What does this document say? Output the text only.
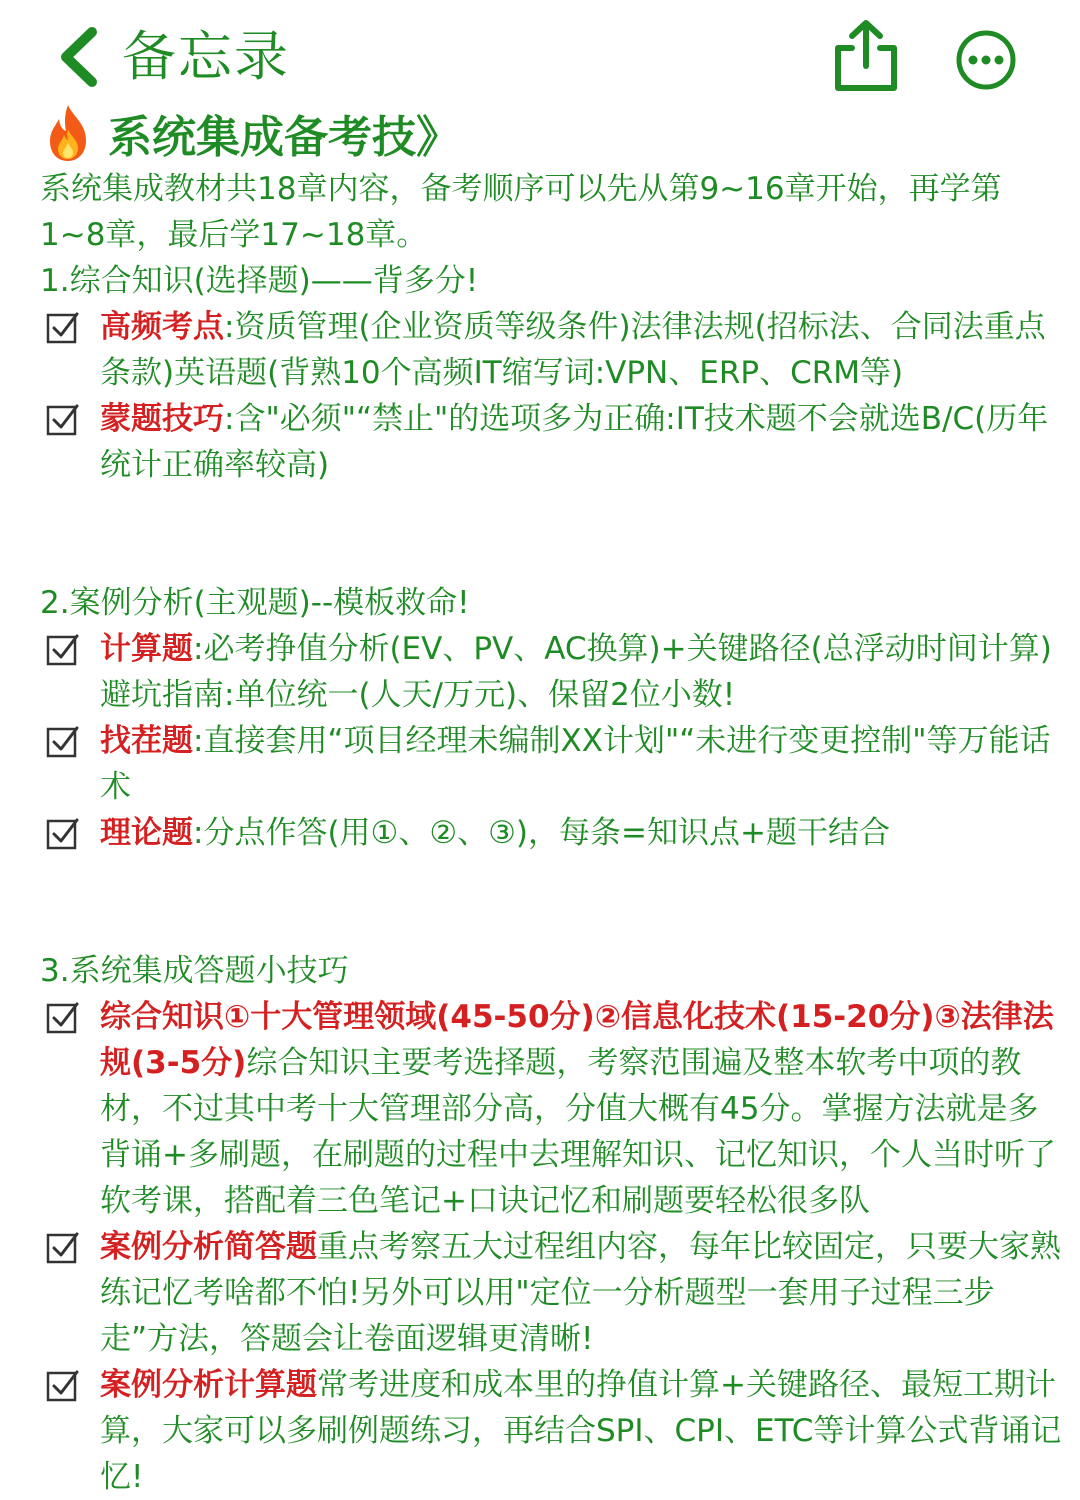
备忘录
系统集成备考技》

系统集成教材共18章内容，备考顺序可以先从第9~16章开始，再学第1~8章，最后学17~18章。

1.综合知识(选择题)——背多分!

高频考点:资质管理(企业资质等级条件)法律法规(招标法、合同法重点条款)英语题(背熟10个高频IT缩写词:VPN、ERP、CRM等)
蒙题技巧:含"必须"“禁止"的选项多为正确:IT技术题不会就选B/C(历年统计正确率较高)

2.案例分析(主观题)--模板救命!

计算题:必考挣值分析(EV、PV、AC换算)+关键路径(总浮动时间计算)避坑指南:单位统一(人天/万元)、保留2位小数!
找茬题:直接套用“项目经理未编制XX计划"“未进行变更控制"等万能话术
理论题:分点作答(用①、②、③)，每条=知识点+题干结合

3.系统集成答题小技巧

综合知识①十大管理领域(45-50分)②信息化技术(15-20分)③法律法规(3-5分)综合知识主要考选择题，考察范围遍及整本软考中项的教材，不过其中考十大管理部分高，分值大概有45分。掌握方法就是多背诵+多刷题，在刷题的过程中去理解知识、记忆知识，个人当时听了软考课，搭配着三色笔记+口诀记忆和刷题要轻松很多队
案例分析简答题重点考察五大过程组内容，每年比较固定，只要大家熟练记忆考啥都不怕!另外可以用"定位一分析题型一套用子过程三步走”方法，答题会让卷面逻辑更清晰!
案例分析计算题常考进度和成本里的挣值计算+关键路径、最短工期计算，大家可以多刷例题练习，再结合SPI、CPI、ETC等计算公式背诵记忆!
